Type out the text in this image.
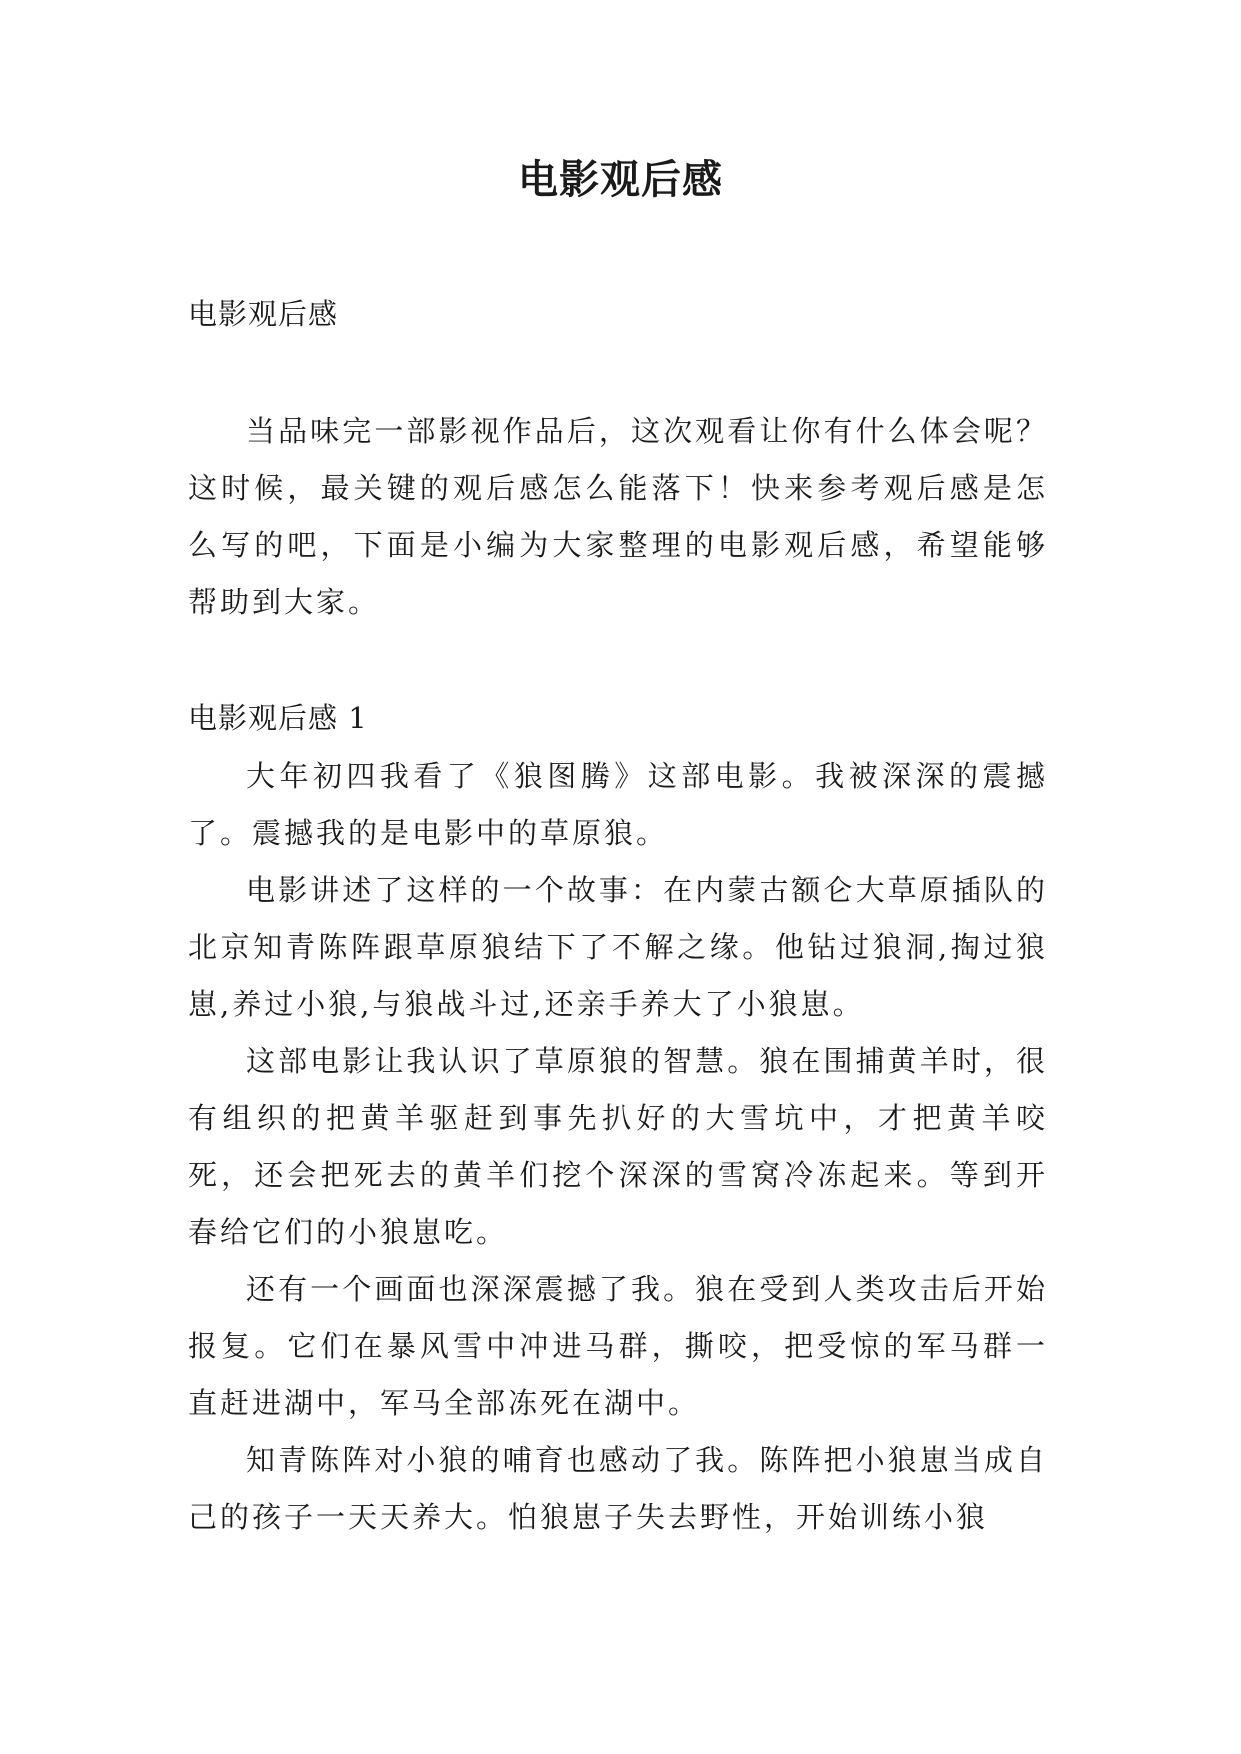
电影观后感
电影观后感

当品味完一部影视作品后，这次观看让你有什么体会呢？这时候，最关键的观后感怎么能落下！快来参考观后感是怎么写的吧，下面是小编为大家整理的电影观后感，希望能够帮助到大家。

电影观后感 1

大年初四我看了《狼图腾》这部电影。我被深深的震撼了。震撼我的是电影中的草原狼。

电影讲述了这样的一个故事：在内蒙古额仑大草原插队的北京知青陈阵跟草原狼结下了不解之缘。他钻过狼洞,掏过狼崽,养过小狼,与狼战斗过,还亲手养大了小狼崽。

这部电影让我认识了草原狼的智慧。狼在围捕黄羊时，很有组织的把黄羊驱赶到事先扒好的大雪坑中，才把黄羊咬死，还会把死去的黄羊们挖个深深的雪窝冷冻起来。等到开春给它们的小狼崽吃。

还有一个画面也深深震撼了我。狼在受到人类攻击后开始报复。它们在暴风雪中冲进马群，撕咬，把受惊的军马群一直赶进湖中，军马全部冻死在湖中。

知青陈阵对小狼的哺育也感动了我。陈阵把小狼崽当成自己的孩子一天天养大。怕狼崽子失去野性，开始训练小狼
